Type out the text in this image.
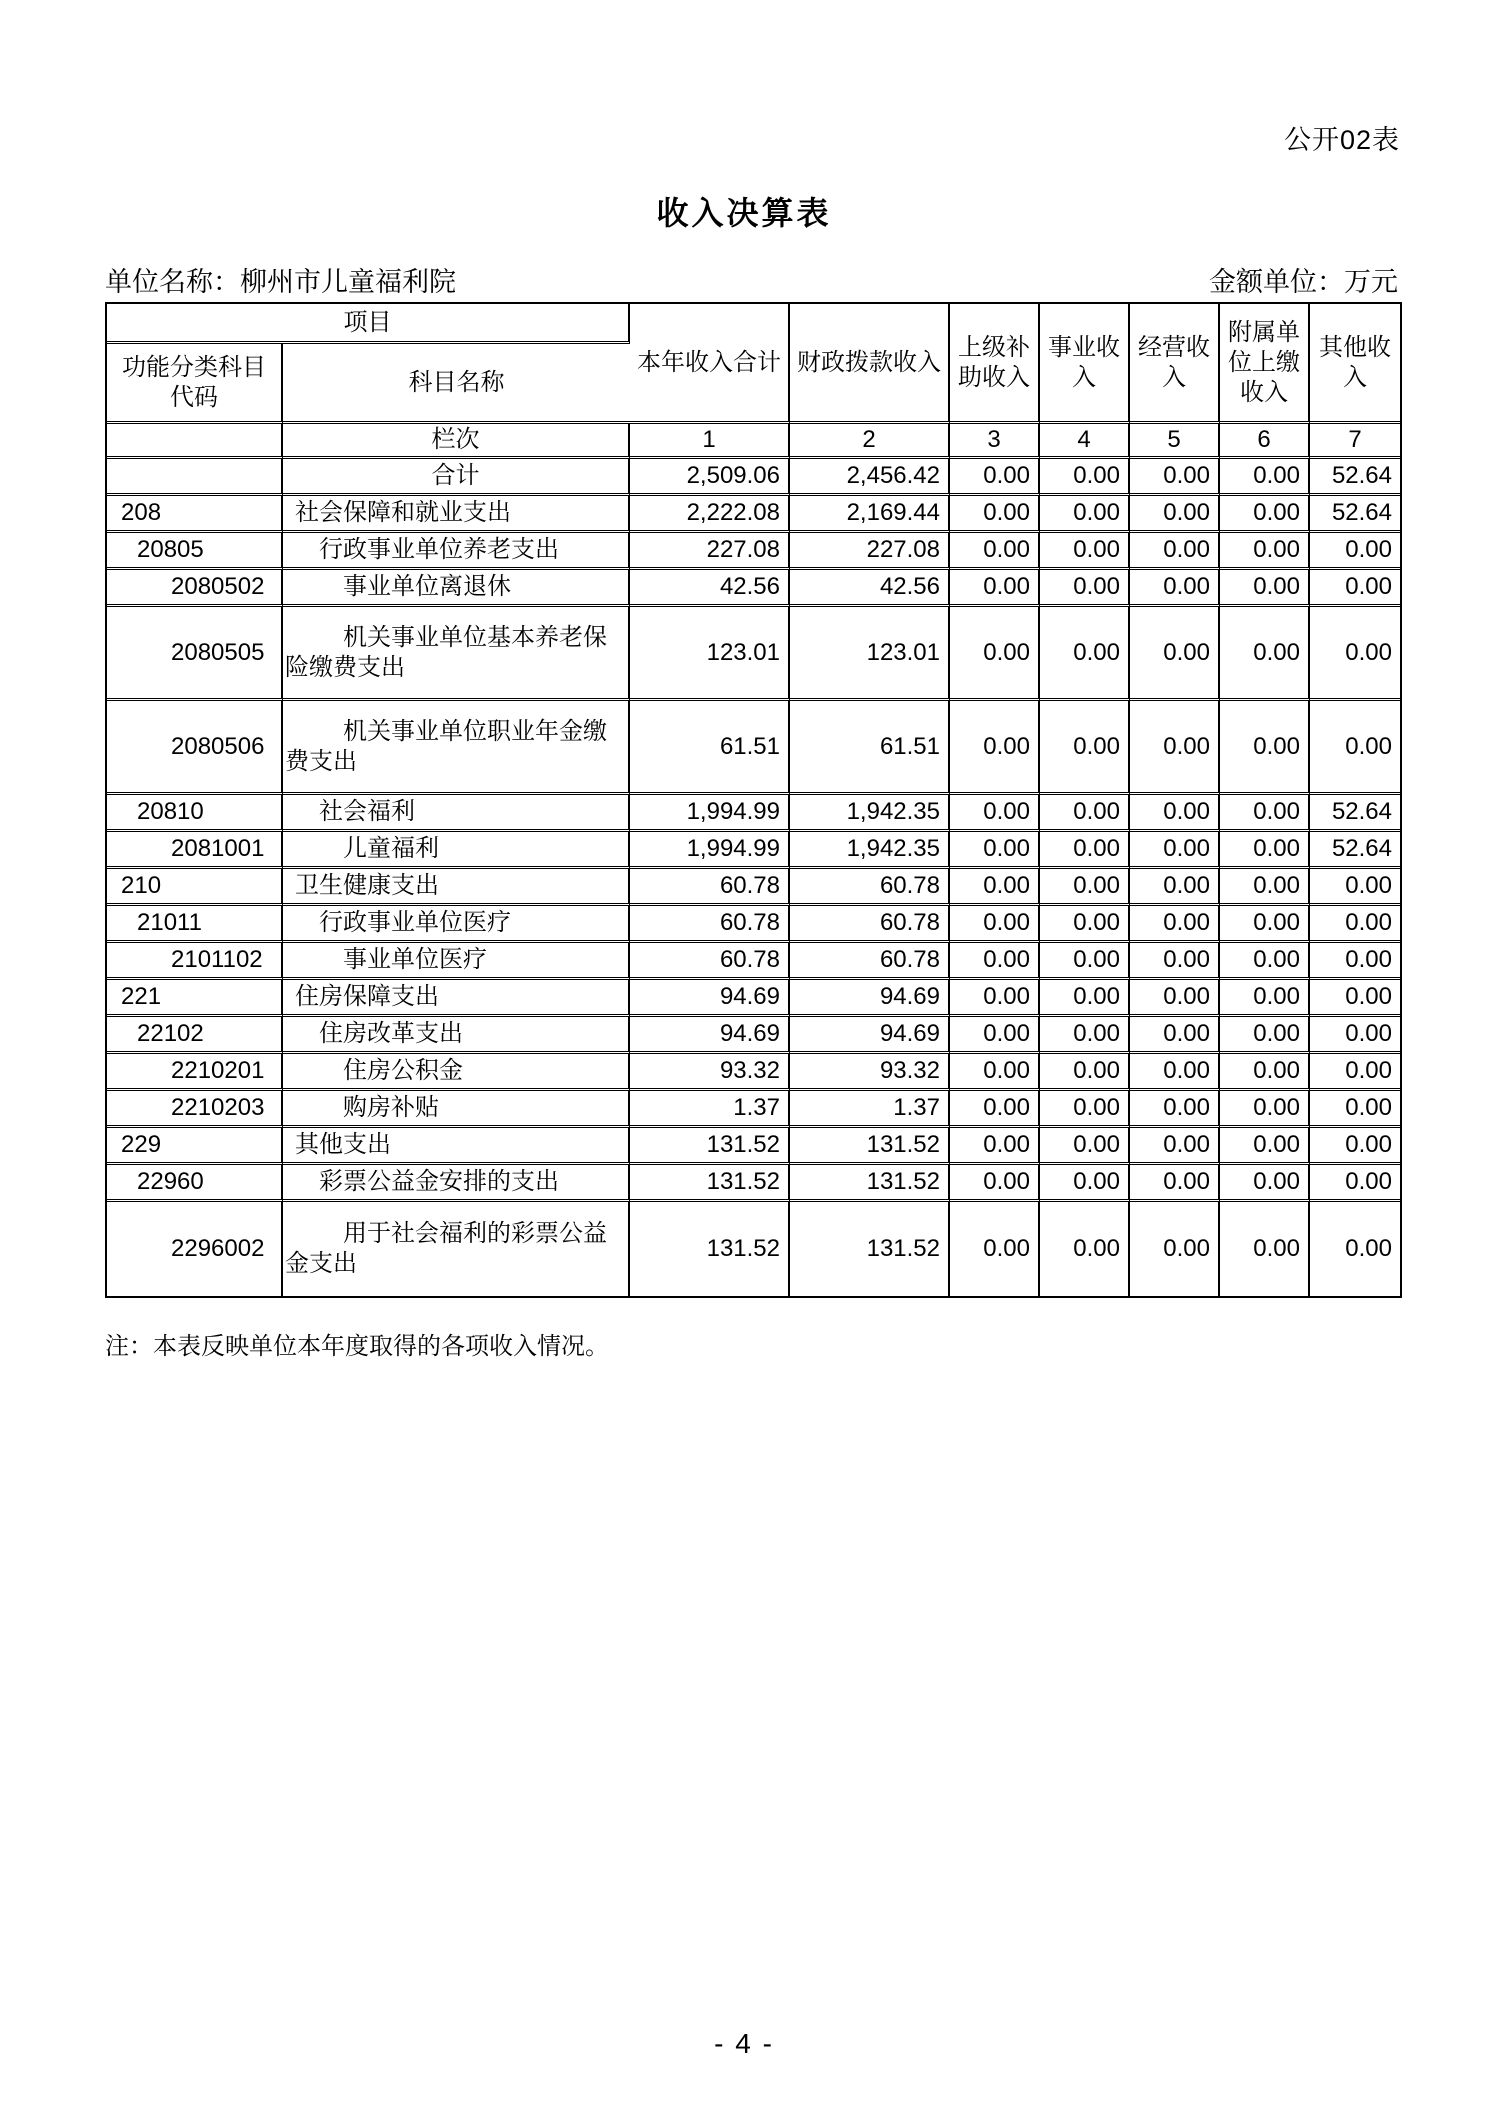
公开02表
收入决算表
单位名称：柳州市儿童福利院	金额单位：万元
项目		本年收入合计	财政拨款收入	上级补助收入	事业收入	经营收入	附属单位上缴收入	其他收入
功能分类科目代码	科目名称							
	栏次	1	2	3	4	5	6	7
	合计	2,509.06	2,456.42	0.00	0.00	0.00	0.00	52.64
208	社会保障和就业支出	2,222.08	2,169.44	0.00	0.00	0.00	0.00	52.64
20805	行政事业单位养老支出	227.08	227.08	0.00	0.00	0.00	0.00	0.00
2080502	事业单位离退休	42.56	42.56	0.00	0.00	0.00	0.00	0.00
2080505	机关事业单位基本养老保险缴费支出	123.01	123.01	0.00	0.00	0.00	0.00	0.00
2080506	机关事业单位职业年金缴费支出	61.51	61.51	0.00	0.00	0.00	0.00	0.00
20810	社会福利	1,994.99	1,942.35	0.00	0.00	0.00	0.00	52.64
2081001	儿童福利	1,994.99	1,942.35	0.00	0.00	0.00	0.00	52.64
210	卫生健康支出	60.78	60.78	0.00	0.00	0.00	0.00	0.00
21011	行政事业单位医疗	60.78	60.78	0.00	0.00	0.00	0.00	0.00
2101102	事业单位医疗	60.78	60.78	0.00	0.00	0.00	0.00	0.00
221	住房保障支出	94.69	94.69	0.00	0.00	0.00	0.00	0.00
22102	住房改革支出	94.69	94.69	0.00	0.00	0.00	0.00	0.00
2210201	住房公积金	93.32	93.32	0.00	0.00	0.00	0.00	0.00
2210203	购房补贴	1.37	1.37	0.00	0.00	0.00	0.00	0.00
229	其他支出	131.52	131.52	0.00	0.00	0.00	0.00	0.00
22960	彩票公益金安排的支出	131.52	131.52	0.00	0.00	0.00	0.00	0.00
2296002	用于社会福利的彩票公益金支出	131.52	131.52	0.00	0.00	0.00	0.00	0.00
注：本表反映单位本年度取得的各项收入情况。
- 4 -
